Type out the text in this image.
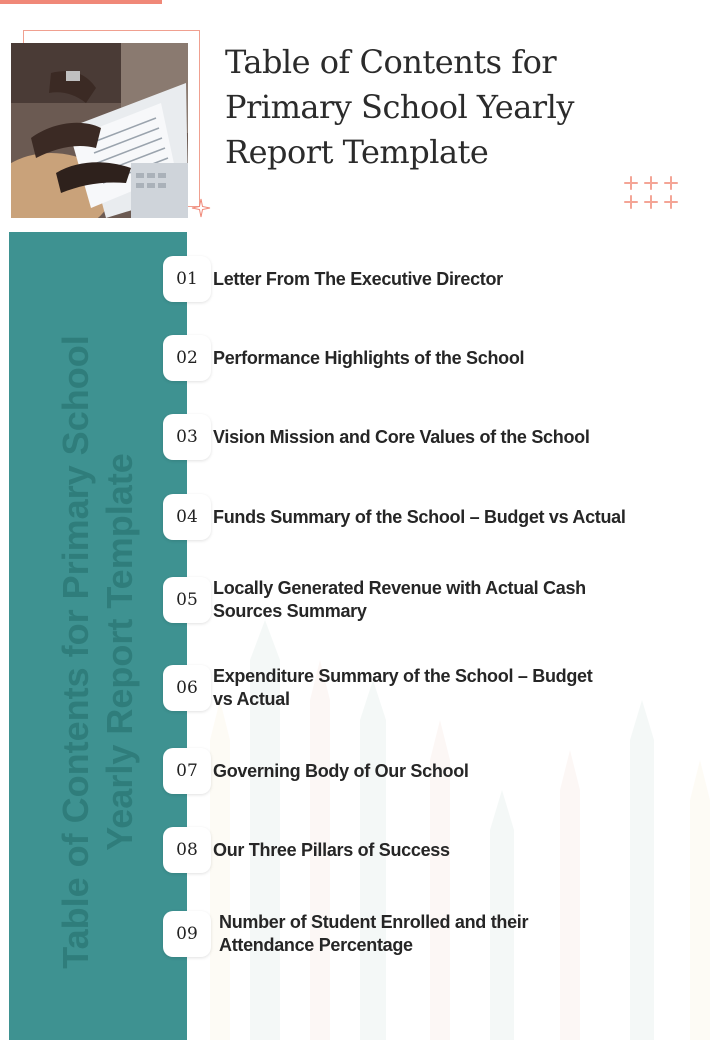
Table of Contents for
Primary School Yearly
Report Template
Table of Contents for Primary School
Yearly Report Template
01 Letter From The Executive Director
02 Performance Highlights of the School
03 Vision Mission and Core Values of the School
04 Funds Summary of the School – Budget vs Actual
05
Locally Generated Revenue with Actual Cash
Sources Summary
06
Expenditure Summary of the School – Budget
vs Actual
07 Governing Body of Our School
08 Our Three Pillars of Success
09
Number of Student Enrolled and their
Attendance Percentage
